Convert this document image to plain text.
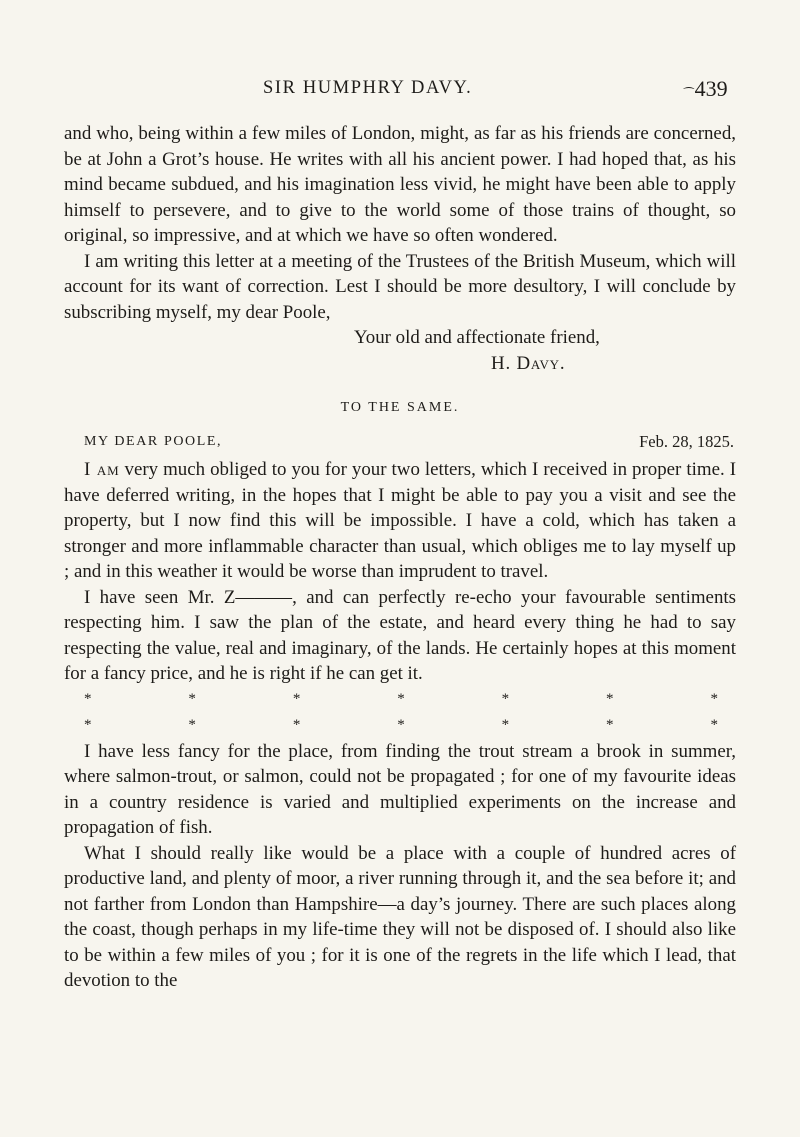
SIR HUMPHRY DAVY.	⁀439

and who, being within a few miles of London, might, as far as his friends are concerned, be at John a Grot’s house. He writes with all his ancient power. I had hoped that, as his mind became subdued, and his imagination less vivid, he might have been able to apply himself to persevere, and to give to the world some of those trains of thought, so original, so impressive, and at which we have so often wondered.

I am writing this letter at a meeting of the Trustees of the British Museum, which will account for its want of correction. Lest I should be more desultory, I will conclude by subscribing myself, my dear Poole,

Your old and affectionate friend,
H. Davy.
TO THE SAME.
MY DEAR POOLE,	Feb. 28, 1825.

I am very much obliged to you for your two letters, which I received in proper time. I have deferred writing, in the hopes that I might be able to pay you a visit and see the property, but I now find this will be impossible. I have a cold, which has taken a stronger and more inflammable character than usual, which obliges me to lay myself up ; and in this weather it would be worse than imprudent to travel.

I have seen Mr. Z———, and can perfectly re-echo your favourable sentiments respecting him. I saw the plan of the estate, and heard every thing he had to say respecting the value, real and imaginary, of the lands. He certainly hopes at this moment for a fancy price, and he is right if he can get it.

*	*	*	*	*	*	*
*	*	*	*	*	*	*

I have less fancy for the place, from finding the trout stream a brook in summer, where salmon-trout, or salmon, could not be propagated ; for one of my favourite ideas in a country residence is varied and multiplied experiments on the increase and propagation of fish.

What I should really like would be a place with a couple of hundred acres of productive land, and plenty of moor, a river running through it, and the sea before it; and not farther from London than Hampshire—a day’s journey. There are such places along the coast, though perhaps in my life-time they will not be disposed of. I should also like to be within a few miles of you ; for it is one of the regrets in the life which I lead, that devotion to the
